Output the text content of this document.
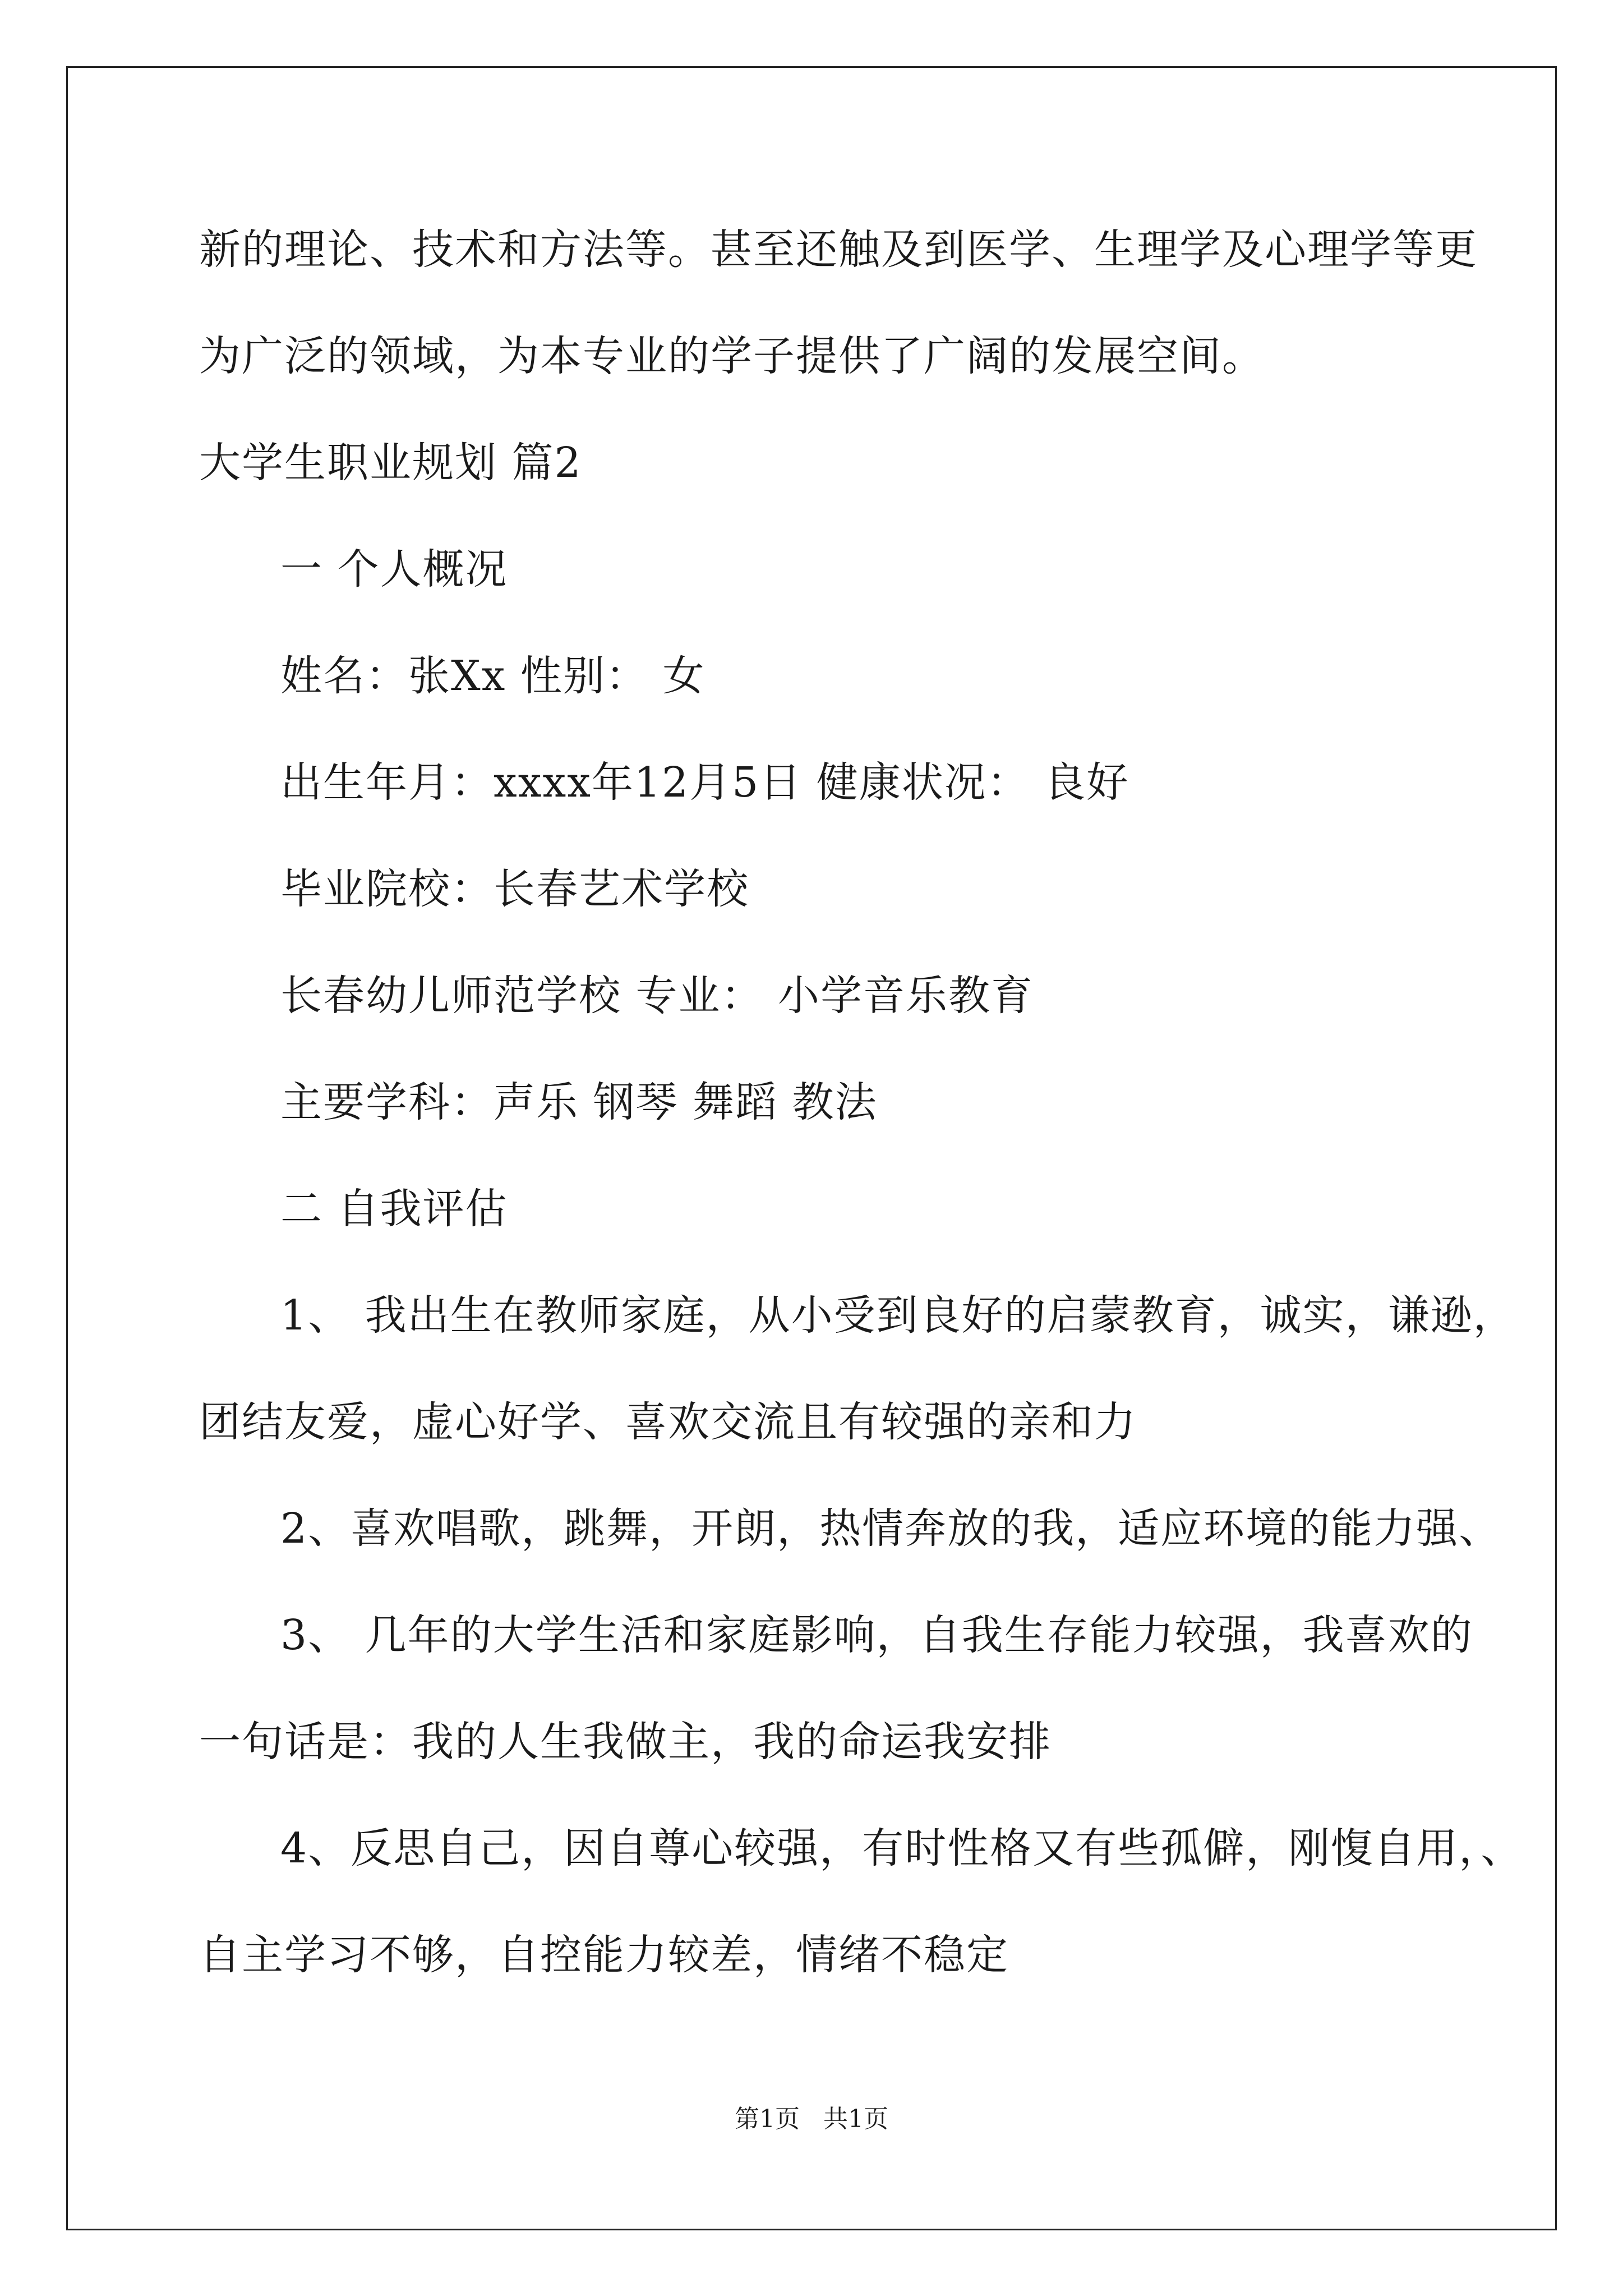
新的理论、技术和方法等。甚至还触及到医学、生理学及心理学等更
为广泛的领域，为本专业的学子提供了广阔的发展空间。
大学生职业规划 篇2
一 个人概况
姓名：张Xx 性别： 女
出生年月：xxxx年12月5日 健康状况： 良好
毕业院校：长春艺术学校
长春幼儿师范学校 专业： 小学音乐教育
主要学科：声乐 钢琴 舞蹈 教法
二 自我评估
1、 我出生在教师家庭，从小受到良好的启蒙教育，诚实，谦逊，
团结友爱，虚心好学、喜欢交流且有较强的亲和力
2、喜欢唱歌，跳舞，开朗，热情奔放的我，适应环境的能力强、
3、 几年的大学生活和家庭影响，自我生存能力较强，我喜欢的
一句话是：我的人生我做主，我的命运我安排
4、反思自己，因自尊心较强，有时性格又有些孤僻，刚愎自用，、
自主学习不够，自控能力较差，情绪不稳定
第1页 共1页
